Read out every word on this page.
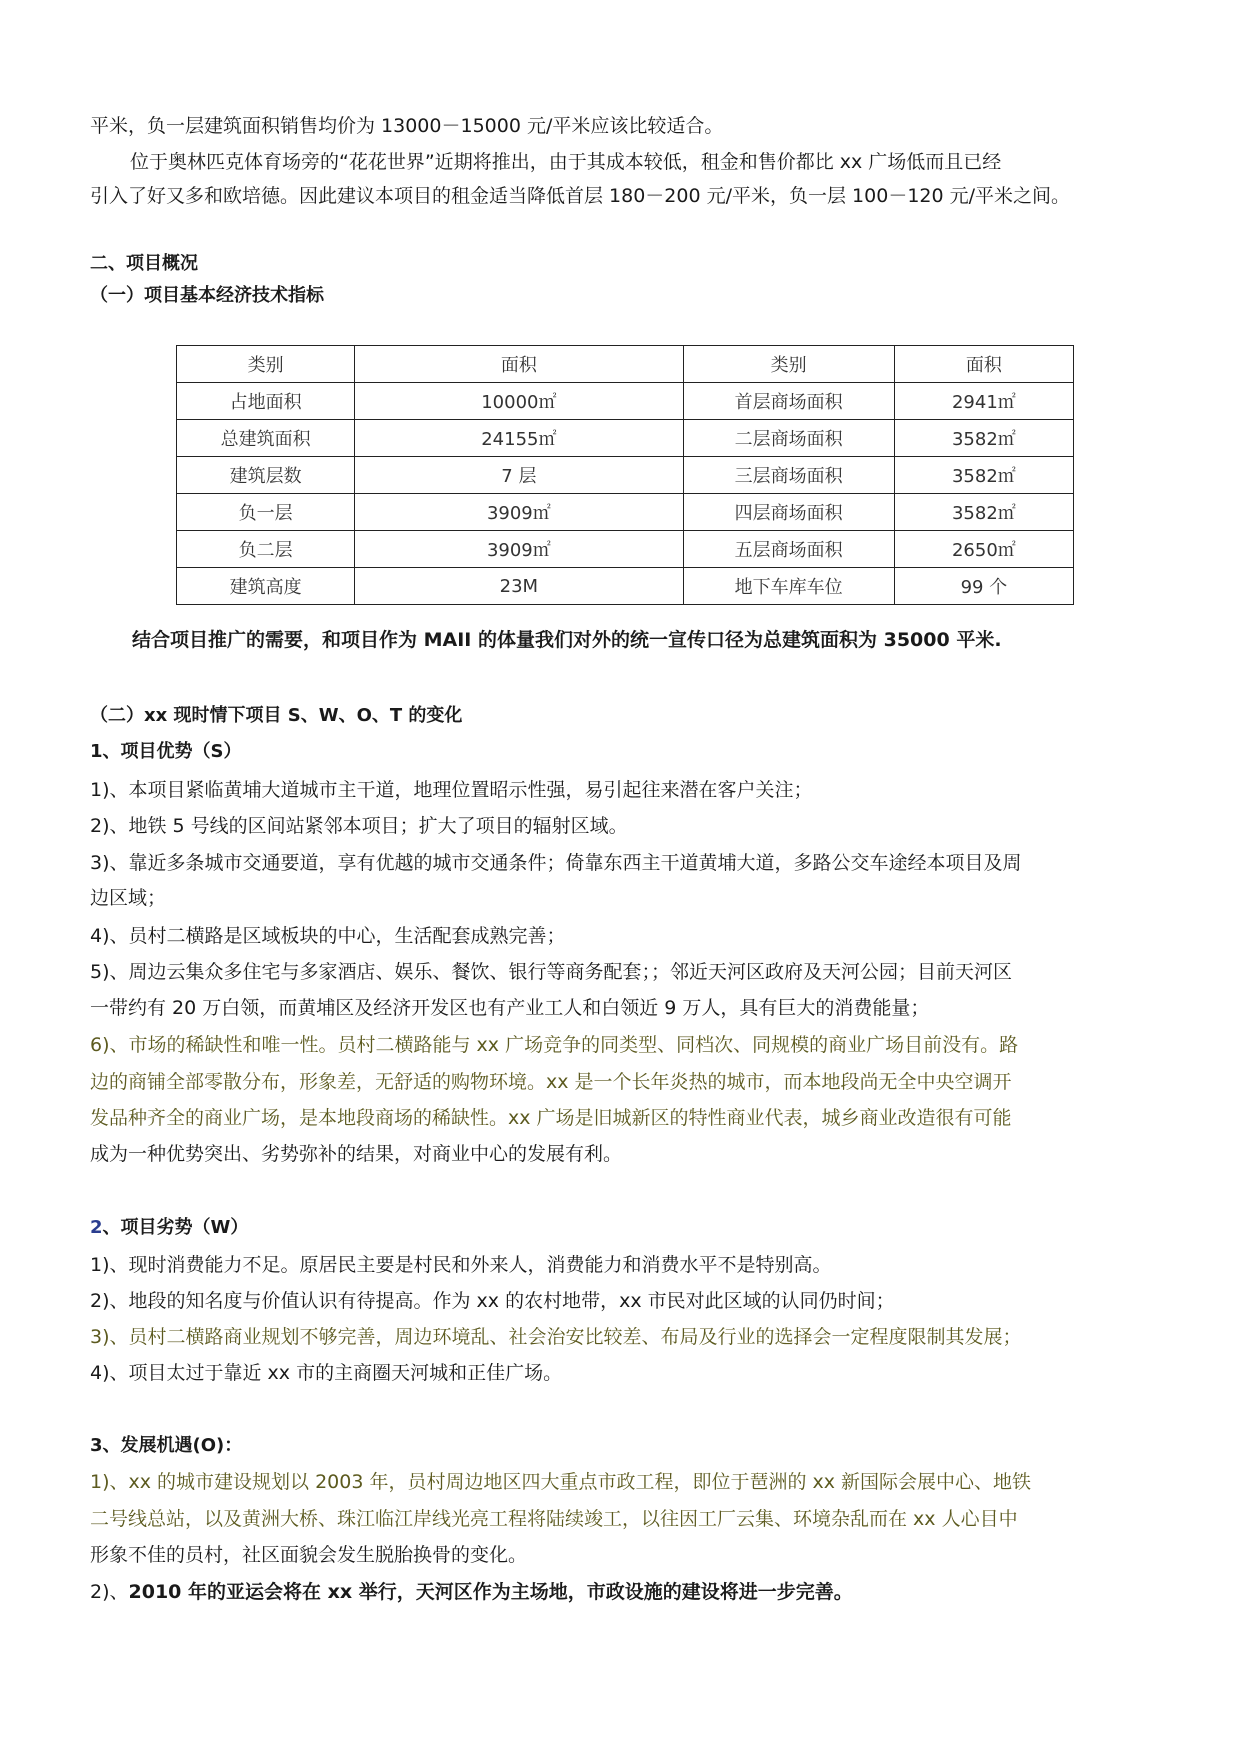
平米，负一层建筑面积销售均价为 13000－15000 元/平米应该比较适合。
位于奥林匹克体育场旁的“花花世界”近期将推出，由于其成本较低，租金和售价都比 xx 广场低而且已经
引入了好又多和欧培德。因此建议本项目的租金适当降低首层 180－200 元/平米，负一层 100－120 元/平米之间。
二、项目概况
（一）项目基本经济技术指标
类别	面积	类别	面积
占地面积	10000㎡	首层商场面积	2941㎡
总建筑面积	24155㎡	二层商场面积	3582㎡
建筑层数	7 层	三层商场面积	3582㎡
负一层	3909㎡	四层商场面积	3582㎡
负二层	3909㎡	五层商场面积	2650㎡
建筑高度	23M	地下车库车位	99 个
结合项目推广的需要，和项目作为 MAII 的体量我们对外的统一宣传口径为总建筑面积为 35000 平米.
（二）xx 现时情下项目 S、W、O、T 的变化
1、项目优势（S）
1)、本项目紧临黄埔大道城市主干道，地理位置昭示性强，易引起往来潜在客户关注；
2)、地铁 5 号线的区间站紧邻本项目；扩大了项目的辐射区域。
3)、靠近多条城市交通要道，享有优越的城市交通条件；倚靠东西主干道黄埔大道，多路公交车途经本项目及周
边区域；
4)、员村二横路是区域板块的中心，生活配套成熟完善；
5)、周边云集众多住宅与多家酒店、娱乐、餐饮、银行等商务配套；；邻近天河区政府及天河公园；目前天河区
一带约有 20 万白领，而黄埔区及经济开发区也有产业工人和白领近 9 万人，具有巨大的消费能量；
6)、市场的稀缺性和唯一性。员村二横路能与 xx 广场竞争的同类型、同档次、同规模的商业广场目前没有。路
边的商铺全部零散分布，形象差，无舒适的购物环境。xx 是一个长年炎热的城市，而本地段尚无全中央空调开
发品种齐全的商业广场，是本地段商场的稀缺性。xx 广场是旧城新区的特性商业代表，城乡商业改造很有可能
成为一种优势突出、劣势弥补的结果，对商业中心的发展有利。
2、项目劣势（W）
1)、现时消费能力不足。原居民主要是村民和外来人，消费能力和消费水平不是特别高。
2)、地段的知名度与价值认识有待提高。作为 xx 的农村地带，xx 市民对此区域的认同仍时间；
3)、员村二横路商业规划不够完善，周边环境乱、社会治安比较差、布局及行业的选择会一定程度限制其发展；
4)、项目太过于靠近 xx 市的主商圈天河城和正佳广场。
3、发展机遇(O)：
1)、xx 的城市建设规划以 2003 年，员村周边地区四大重点市政工程，即位于琶洲的 xx 新国际会展中心、地铁
二号线总站，以及黄洲大桥、珠江临江岸线光亮工程将陆续竣工，以往因工厂云集、环境杂乱而在 xx 人心目中
形象不佳的员村，社区面貌会发生脱胎换骨的变化。
2)、2010 年的亚运会将在 xx 举行，天河区作为主场地，市政设施的建设将进一步完善。
